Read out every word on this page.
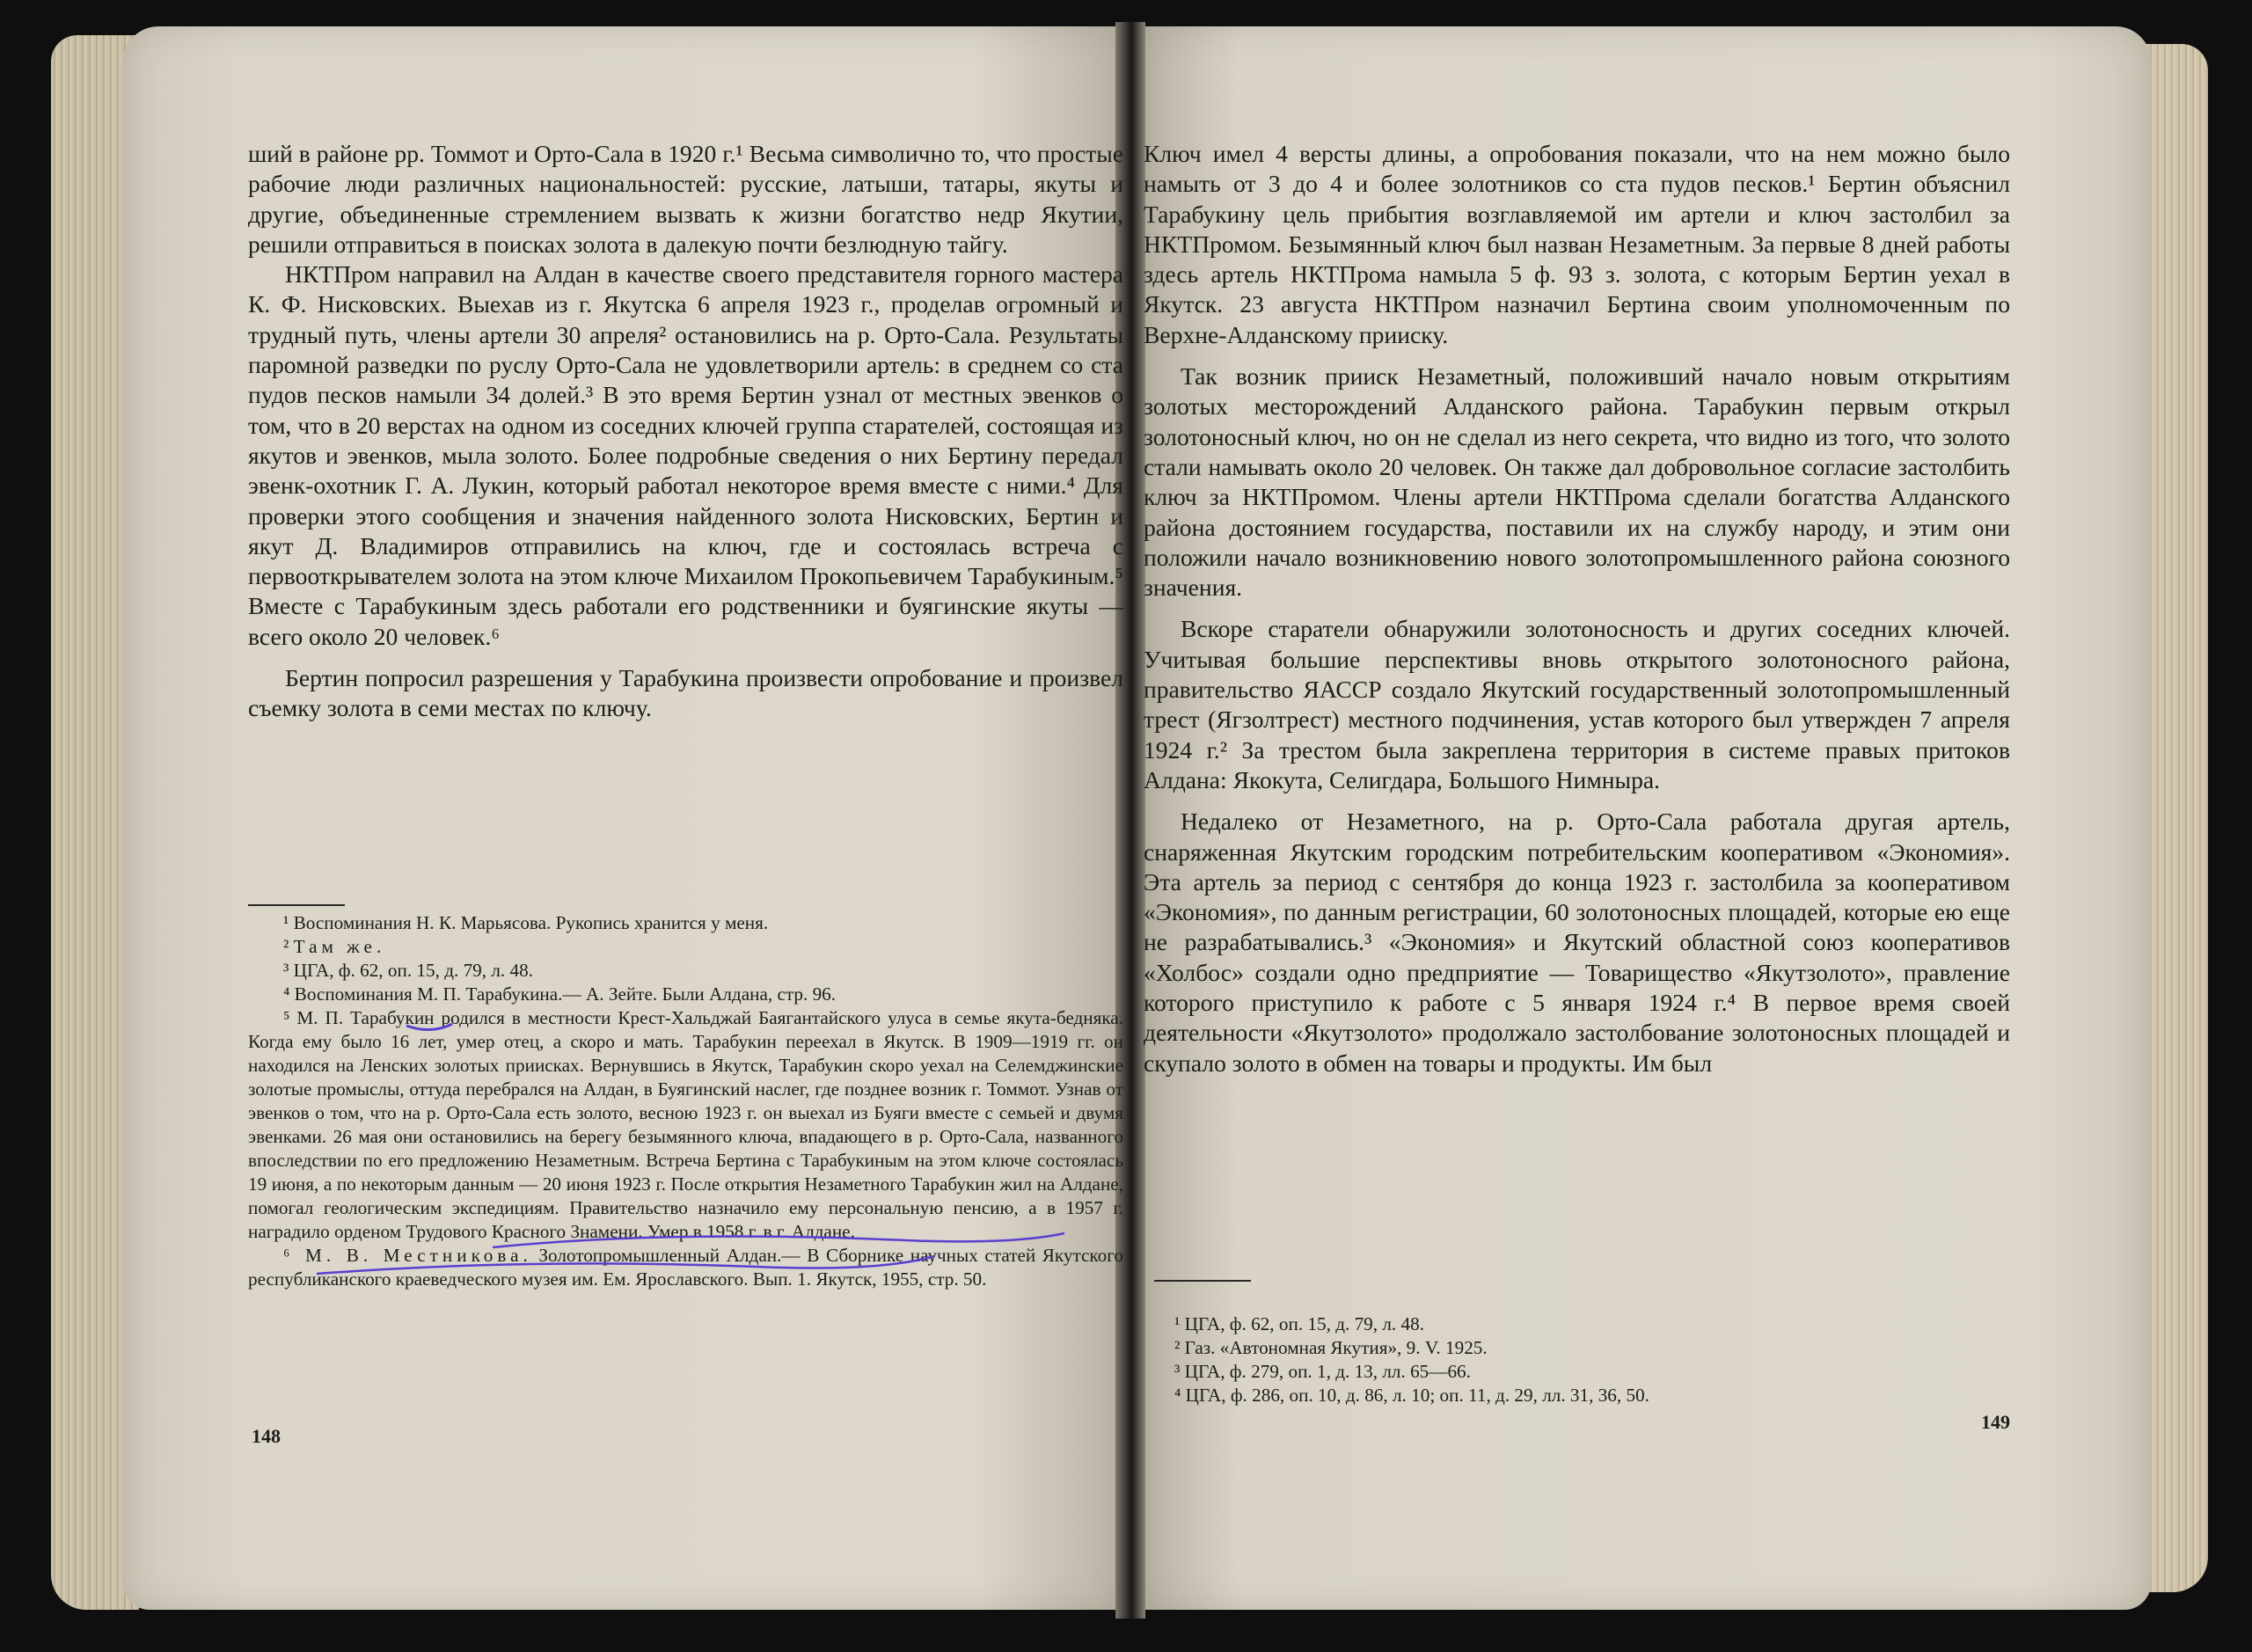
ший в районе рр. Томмот и Орто-Сала в 1920 г.¹ Весьма символично то, что простые рабочие люди различных национальностей: русские, латыши, татары, якуты и другие, объединенные стремлением вызвать к жизни богатство недр Якутии, решили отправиться в поисках золота в далекую почти безлюдную тайгу.

НКТПром направил на Алдан в качестве своего представителя горного мастера К. Ф. Нисковских. Выехав из г. Якутска 6 апреля 1923 г., проделав огромный и трудный путь, члены артели 30 апреля² остановились на р. Орто-Сала. Результаты паромной разведки по руслу Орто-Сала не удовлетворили артель: в среднем со ста пудов песков намыли 34 долей.³ В это время Бертин узнал от местных эвенков о том, что в 20 верстах на одном из соседних ключей группа старателей, состоящая из якутов и эвенков, мыла золото. Более подробные сведения о них Бертину передал эвенк-охотник Г. А. Лукин, который работал некоторое время вместе с ними.⁴ Для проверки этого сообщения и значения найденного золота Нисковских, Бертин и якут Д. Владимиров отправились на ключ, где и состоялась встреча с первооткрывателем золота на этом ключе Михаилом Прокопьевичем Тарабукиным.⁵ Вместе с Тарабукиным здесь работали его родственники и буягинские якуты — всего около 20 человек.⁶

Бертин попросил разрешения у Тарабукина произвести опробование и произвел съемку золота в семи местах по ключу.

¹ Воспоминания Н. К. Марьясова. Рукопись хранится у меня.

² Там же.

³ ЦГА, ф. 62, оп. 15, д. 79, л. 48.

⁴ Воспоминания М. П. Тарабукина.— А. Зейте. Были Алдана, стр. 96.

⁵ М. П. Тарабукин родился в местности Крест-Хальджай Баягантайского улуса в семье якута-бедняка. Когда ему было 16 лет, умер отец, а скоро и мать. Тарабукин переехал в Якутск. В 1909—1919 гг. он находился на Ленских золотых приисках. Вернувшись в Якутск, Тарабукин скоро уехал на Селемджинские золотые промыслы, оттуда перебрался на Алдан, в Буягинский наслег, где позднее возник г. Томмот. Узнав от эвенков о том, что на р. Орто-Сала есть золото, весною 1923 г. он выехал из Буяги вместе с семьей и двумя эвенками. 26 мая они остановились на берегу безымянного ключа, впадающего в р. Орто-Сала, названного впоследствии по его предложению Незаметным. Встреча Бертина с Тарабукиным на этом ключе состоялась 19 июня, а по некоторым данным — 20 июня 1923 г. После открытия Незаметного Тарабукин жил на Алдане, помогал геологическим экспедициям. Правительство назначило ему персональную пенсию, а в 1957 г. наградило орденом Трудового Красного Знамени. Умер в 1958 г. в г. Алдане.

⁶ М. В. Местникова. Золотопромышленный Алдан.— В Сборнике научных статей Якутского республиканского краеведческого музея им. Ем. Ярославского. Вып. 1. Якутск, 1955, стр. 50.

148

Ключ имел 4 версты длины, а опробования показали, что на нем можно было намыть от 3 до 4 и более золотников со ста пудов песков.¹ Бертин объяснил Тарабукину цель прибытия возглавляемой им артели и ключ застолбил за НКТПромом. Безымянный ключ был назван Незаметным. За первые 8 дней работы здесь артель НКТПрома намыла 5 ф. 93 з. золота, с которым Бертин уехал в Якутск. 23 августа НКТПром назначил Бертина своим уполномоченным по Верхне-Алданскому прииску.

Так возник прииск Незаметный, положивший начало новым открытиям золотых месторождений Алданского района. Тарабукин первым открыл золотоносный ключ, но он не сделал из него секрета, что видно из того, что золото стали намывать около 20 человек. Он также дал добровольное согласие застолбить ключ за НКТПромом. Члены артели НКТПрома сделали богатства Алданского района достоянием государства, поставили их на службу народу, и этим они положили начало возникновению нового золотопромышленного района союзного значения.

Вскоре старатели обнаружили золотоносность и других соседних ключей. Учитывая большие перспективы вновь открытого золотоносного района, правительство ЯАССР создало Якутский государственный золотопромышленный трест (Ягзолтрест) местного подчинения, устав которого был утвержден 7 апреля 1924 г.² За трестом была закреплена территория в системе правых притоков Алдана: Якокута, Селигдара, Большого Нимныра.

Недалеко от Незаметного, на р. Орто-Сала работала другая артель, снаряженная Якутским городским потребительским кооперативом «Экономия». Эта артель за период с сентября до конца 1923 г. застолбила за кооперативом «Экономия», по данным регистрации, 60 золотоносных площадей, которые ею еще не разрабатывались.³ «Экономия» и Якутский областной союз кооперативов «Холбос» создали одно предприятие — Товарищество «Якутзолото», правление которого приступило к работе с 5 января 1924 г.⁴ В первое время своей деятельности «Якутзолото» продолжало застолбование золотоносных площадей и скупало золото в обмен на товары и продукты. Им был

¹ ЦГА, ф. 62, оп. 15, д. 79, л. 48.

² Газ. «Автономная Якутия», 9. V. 1925.

³ ЦГА, ф. 279, оп. 1, д. 13, лл. 65—66.

⁴ ЦГА, ф. 286, оп. 10, д. 86, л. 10; оп. 11, д. 29, лл. 31, 36, 50.

149
